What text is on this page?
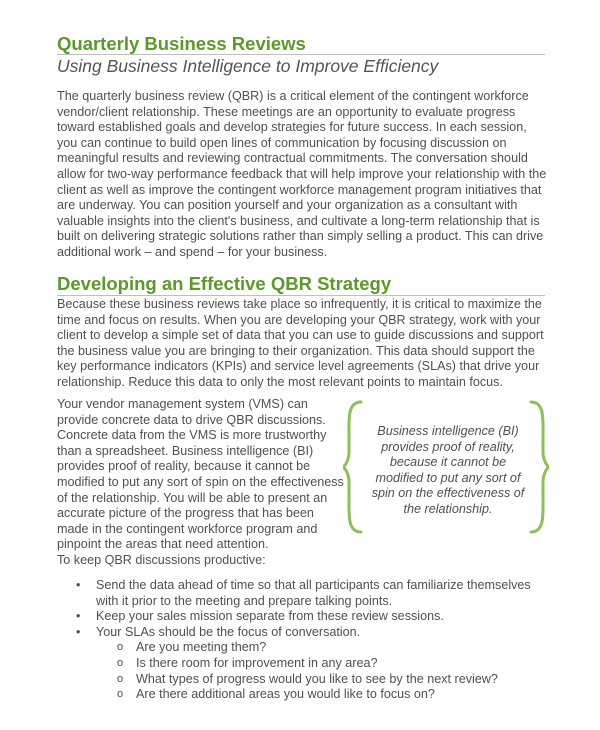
Quarterly Business Reviews
Using Business Intelligence to Improve Efficiency

The quarterly business review (QBR) is a critical element of the contingent workforce vendor/client relationship. These meetings are an opportunity to evaluate progress toward established goals and develop strategies for future success. In each session, you can continue to build open lines of communication by focusing discussion on meaningful results and reviewing contractual commitments. The conversation should allow for two-way performance feedback that will help improve your relationship with the client as well as improve the contingent workforce management program initiatives that are underway. You can position yourself and your organization as a consultant with valuable insights into the client's business, and cultivate a long-term relationship that is built on delivering strategic solutions rather than simply selling a product. This can drive additional work – and spend – for your business.

Developing an Effective QBR Strategy

Because these business reviews take place so infrequently, it is critical to maximize the time and focus on results. When you are developing your QBR strategy, work with your client to develop a simple set of data that you can use to guide discussions and support the business value you are bringing to their organization. This data should support the key performance indicators (KPIs) and service level agreements (SLAs) that drive your relationship. Reduce this data to only the most relevant points to maintain focus.

Your vendor management system (VMS) can provide concrete data to drive QBR discussions. Concrete data from the VMS is more trustworthy than a spreadsheet. Business intelligence (BI) provides proof of reality, because it cannot be modified to put any sort of spin on the effectiveness of the relationship. You will be able to present an accurate picture of the progress that has been made in the contingent workforce program and pinpoint the areas that need attention.

Business intelligence (BI) provides proof of reality, because it cannot be modified to put any sort of spin on the effectiveness of the relationship.

To keep QBR discussions productive:
• Send the data ahead of time so that all participants can familiarize themselves with it prior to the meeting and prepare talking points.
• Keep your sales mission separate from these review sessions.
• Your SLAs should be the focus of conversation.
o Are you meeting them?
o Is there room for improvement in any area?
o What types of progress would you like to see by the next review?
o Are there additional areas you would like to focus on?
